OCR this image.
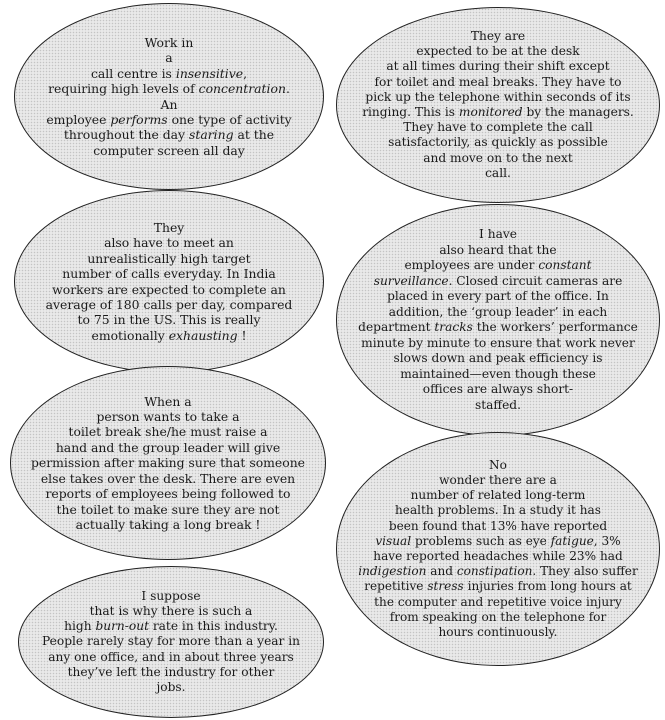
Work in
a
call centre is insensitive,
requiring high levels of concentration.
An
employee performs one type of activity
throughout the day staring at the
computer screen all day
They are
expected to be at the desk
at all times during their shift except
for toilet and meal breaks. They have to
pick up the telephone within seconds of its
ringing. This is monitored by the managers.
They have to complete the call
satisfactorily, as quickly as possible
and move on to the next
call.
They
also have to meet an
unrealistically high target
number of calls everyday. In India
workers are expected to complete an
average of 180 calls per day, compared
to 75 in the US. This is really
emotionally exhausting !
I have
also heard that the
employees are under constant
surveillance. Closed circuit cameras are
placed in every part of the office. In
addition, the ‘group leader’ in each
department tracks the workers’ performance
minute by minute to ensure that work never
slows down and peak efficiency is
maintained—even though these
offices are always short-
staffed.
When a
person wants to take a
toilet break she/he must raise a
hand and the group leader will give
permission after making sure that someone
else takes over the desk. There are even
reports of employees being followed to
the toilet to make sure they are not
actually taking a long break !
No
wonder there are a
number of related long-term
health problems. In a study it has
been found that 13% have reported
visual problems such as eye fatigue, 3%
have reported headaches while 23% had
indigestion and constipation. They also suffer
repetitive stress injuries from long hours at
the computer and repetitive voice injury
from speaking on the telephone for
hours continuously.
I suppose
that is why there is such a
high burn-out rate in this industry.
People rarely stay for more than a year in
any one office, and in about three years
they’ve left the industry for other
jobs.
